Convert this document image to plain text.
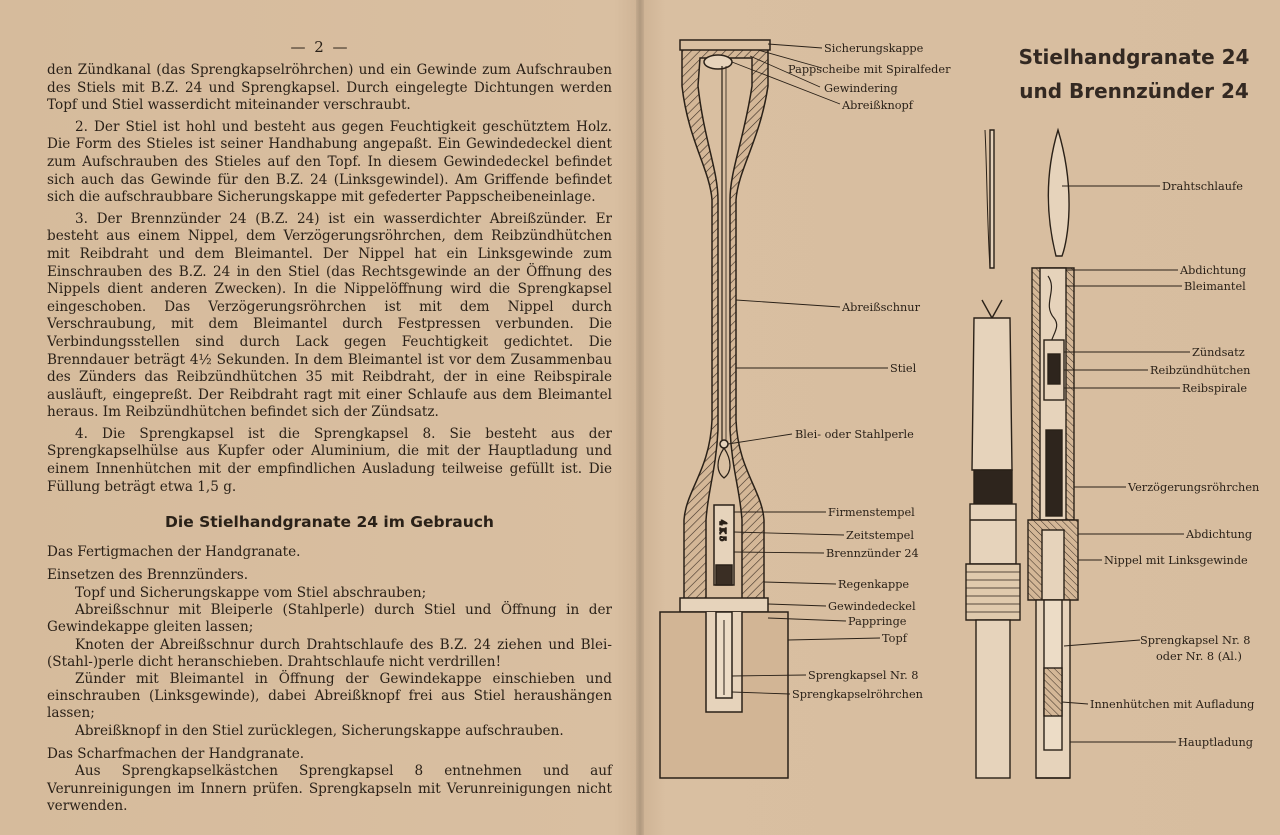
— 2 —

den Zündkanal (das Sprengkapselröhrchen) und ein Gewinde zum Aufschrauben des Stiels mit B.Z. 24 und Sprengkapsel. Durch eingelegte Dichtungen werden Topf und Stiel wasserdicht miteinander verschraubt.

2. Der Stiel ist hohl und besteht aus gegen Feuchtigkeit geschütztem Holz. Die Form des Stieles ist seiner Handhabung angepaßt. Ein Gewindedeckel dient zum Aufschrauben des Stieles auf den Topf. In diesem Gewindedeckel befindet sich auch das Gewinde für den B.Z. 24 (Linksgewindel). Am Griffende befindet sich die aufschraubbare Sicherungskappe mit gefederter Pappscheibeneinlage.

3. Der Brennzünder 24 (B.Z. 24) ist ein wasserdichter Abreißzünder. Er besteht aus einem Nippel, dem Verzögerungsröhrchen, dem Reibzündhütchen mit Reibdraht und dem Bleimantel. Der Nippel hat ein Linksgewinde zum Einschrauben des B.Z. 24 in den Stiel (das Rechtsgewinde an der Öffnung des Nippels dient anderen Zwecken). In die Nippelöffnung wird die Sprengkapsel eingeschoben. Das Verzögerungsröhrchen ist mit dem Nippel durch Verschraubung, mit dem Bleimantel durch Festpressen verbunden. Die Verbindungsstellen sind durch Lack gegen Feuchtigkeit gedichtet. Die Brenndauer beträgt 4½ Sekunden. In dem Bleimantel ist vor dem Zusammenbau des Zünders das Reibzündhütchen 35 mit Reibdraht, der in eine Reibspirale ausläuft, eingepreßt. Der Reibdraht ragt mit einer Schlaufe aus dem Bleimantel heraus. Im Reibzündhütchen befindet sich der Zündsatz.

4. Die Sprengkapsel ist die Sprengkapsel 8. Sie besteht aus der Sprengkapselhülse aus Kupfer oder Aluminium, die mit der Hauptladung und einem Innenhütchen mit der empfindlichen Ausladung teilweise gefüllt ist. Die Füllung beträgt etwa 1,5 g.

Die Stielhandgranate 24 im Gebrauch

Das Fertigmachen der Handgranate.

Einsetzen des Brennzünders.

Topf und Sicherungskappe vom Stiel abschrauben;

Abreißschnur mit Bleiperle (Stahlperle) durch Stiel und Öffnung in der Gewindekappe gleiten lassen;

Knoten der Abreißschnur durch Drahtschlaufe des B.Z. 24 ziehen und Blei-(Stahl-)perle dicht heranschieben. Drahtschlaufe nicht verdrillen!

Zünder mit Bleimantel in Öffnung der Gewindekappe einschieben und einschrauben (Linksgewinde), dabei Abreißknopf frei aus Stiel heraushängen lassen;

Abreißknopf in den Stiel zurücklegen, Sicherungskappe aufschrauben.

Das Scharfmachen der Handgranate.

Aus Sprengkapselkästchen Sprengkapsel 8 entnehmen und auf Verunreinigungen im Innern prüfen. Sprengkapseln mit Verunreinigungen nicht verwenden.

4 K 5
Sicherungskappe
Pappscheibe mit Spiralfeder
Gewindering
Abreißknopf
Abreißschnur
Stiel
Blei- oder Stahlperle
Firmenstempel
Zeitstempel
Brennzünder 24
Regenkappe
Gewindedeckel
Pappringe
Topf
Sprengkapsel Nr. 8
Sprengkapselröhrchen
Drahtschlaufe
Abdichtung
Bleimantel
Zündsatz
Reibzündhütchen
Reibspirale
Verzögerungsröhrchen
Abdichtung
Nippel mit Linksgewinde
Sprengkapsel Nr. 8
oder Nr. 8 (Al.)
Innenhütchen mit Aufladung
Hauptladung
Stielhandgranate 24
und Brennzünder 24
